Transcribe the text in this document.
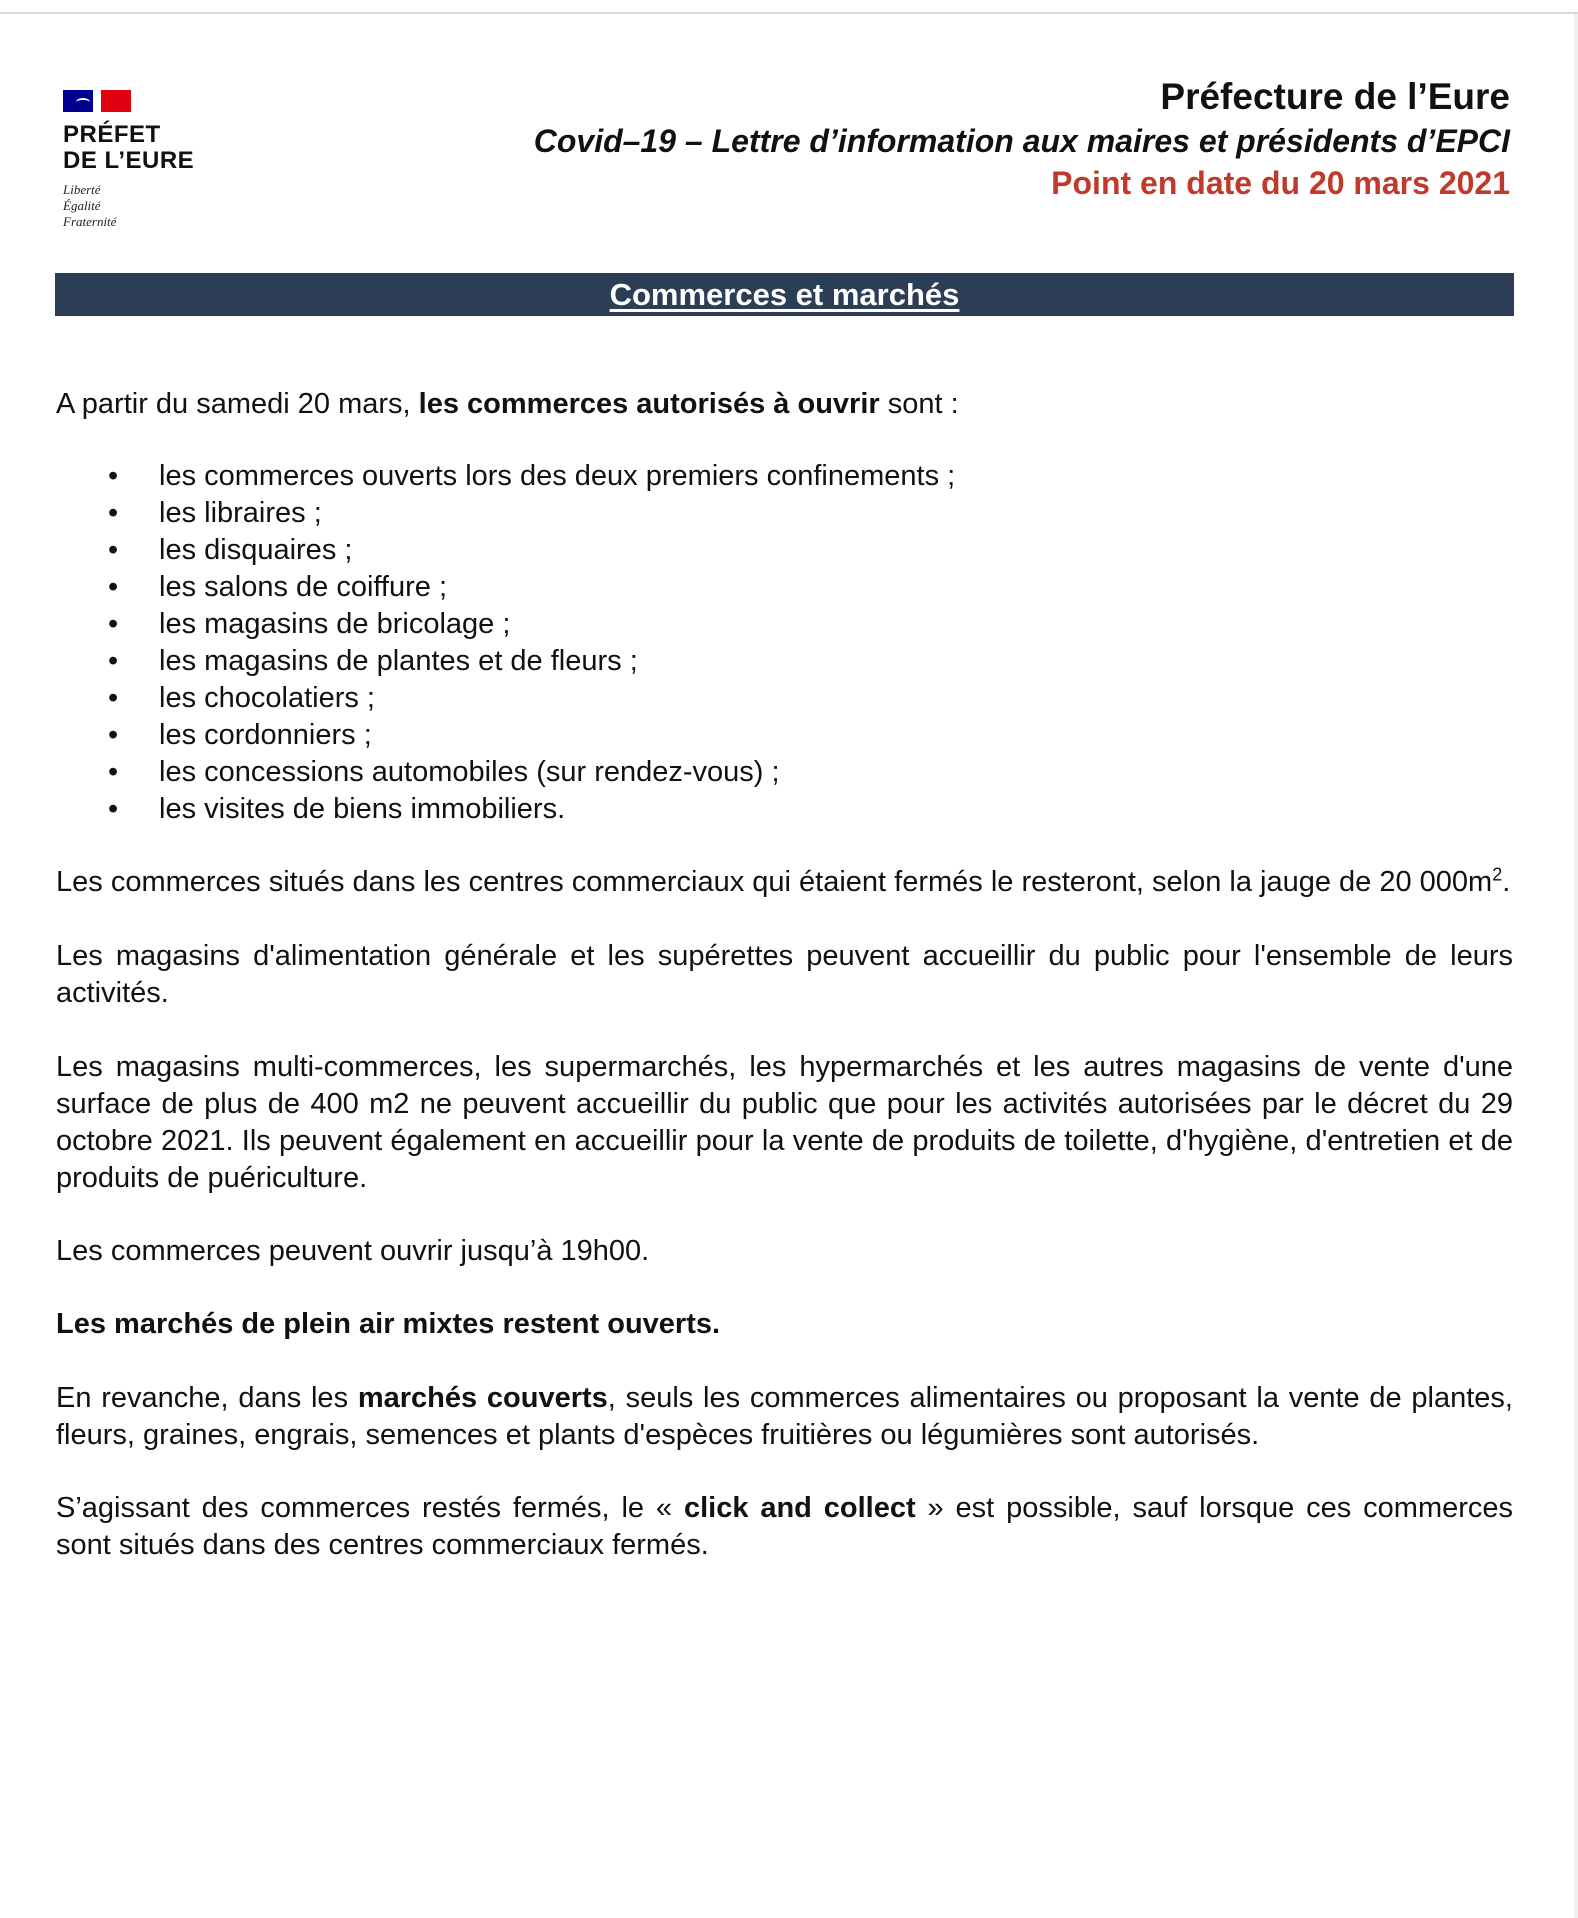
PRÉFET
DE L’EURE
Liberté
Égalité
Fraternité
Préfecture de l’Eure
Covid–19 – Lettre d’information aux maires et présidents d’EPCI
Point en date du 20 mars 2021
Commerces et marchés

A partir du samedi 20 mars, les commerces autorisés à ouvrir sont :

• les commerces ouverts lors des deux premiers confinements ;
• les libraires ;
• les disquaires ;
• les salons de coiffure ;
• les magasins de bricolage ;
• les magasins de plantes et de fleurs ;
• les chocolatiers ;
• les cordonniers ;
• les concessions automobiles (sur rendez-vous) ;
• les visites de biens immobiliers.

Les commerces situés dans les centres commerciaux qui étaient fermés le resteront, selon la jauge de 20 $000m^2$.

Les magasins d'alimentation générale et les supérettes peuvent accueillir du public pour l'ensemble de leurs activités.

Les magasins multi-commerces, les supermarchés, les hypermarchés et les autres magasins de vente d'une surface de plus de 400 m2 ne peuvent accueillir du public que pour les activités autorisées par le décret du 29 octobre 2021. Ils peuvent également en accueillir pour la vente de produits de toilette, d'hygiène, d'entretien et de produits de puériculture.

Les commerces peuvent ouvrir jusqu’à 19h00.

Les marchés de plein air mixtes restent ouverts.

En revanche, dans les marchés couverts, seuls les commerces alimentaires ou proposant la vente de plantes, fleurs, graines, engrais, semences et plants d'espèces fruitières ou légumières sont autorisés.

S’agissant des commerces restés fermés, le « click and collect » est possible, sauf lorsque ces commerces sont situés dans des centres commerciaux fermés.
